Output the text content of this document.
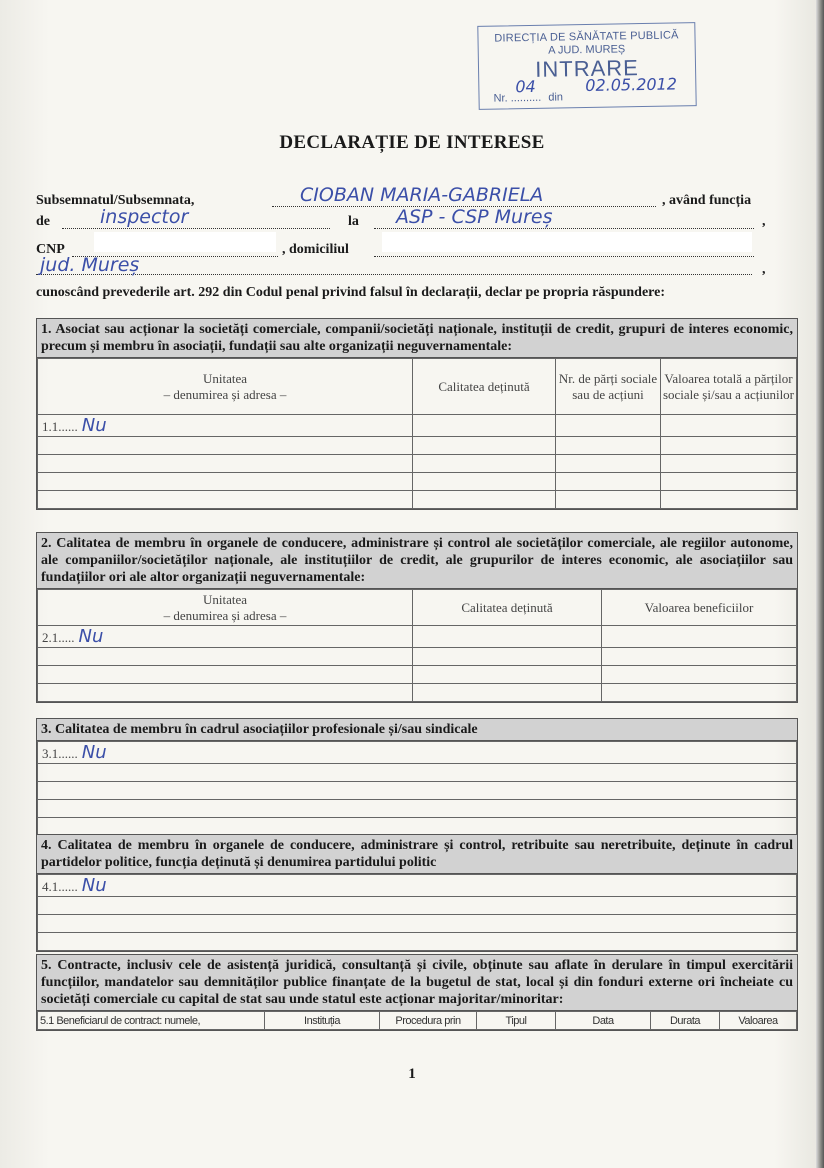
DIRECȚIA DE SĂNĂTATE PUBLICĂ
A JUD. MUREȘ
INTRARE
Nr. .......... din
04	02.05.2012
DECLARAȚIE DE INTERESE
Subsemnatul/Subsemnata,	CIOBAN MARIA-GABRIELA	, având funcția
de	inspector	la ASP - CSP Mureș	,
CNP	, domiciliul
jud. Mureș	,
cunoscând prevederile art. 292 din Codul penal privind falsul în declarații, declar pe propria răspundere:
1. Asociat sau acționar la societăți comerciale, companii/societăți naționale, instituții de credit, grupuri de interes economic, precum și membru în asociații, fundații sau alte organizații neguvernamentale:
Unitatea
– denumirea și adresa –	Calitatea deținută	Nr. de părți sociale sau de acțiuni	Valoarea totală a părților sociale și/sau a acțiunilor
1.1...... Nu			

2. Calitatea de membru în organele de conducere, administrare și control ale societăților comerciale, ale regiilor autonome, ale companiilor/societăților naționale, ale instituțiilor de credit, ale grupurilor de interes economic, ale asociațiilor sau fundațiilor ori ale altor organizații neguvernamentale:
Unitatea
– denumirea și adresa –	Calitatea deținută	Valoarea beneficiilor
2.1..... Nu		

3. Calitatea de membru în cadrul asociațiilor profesionale și/sau sindicale
3.1...... Nu

4. Calitatea de membru în organele de conducere, administrare și control, retribuite sau neretribuite, deținute în cadrul partidelor politice, funcția deținută și denumirea partidului politic
4.1...... Nu

5. Contracte, inclusiv cele de asistență juridică, consultanță și civile, obținute sau aflate în derulare în timpul exercitării funcțiilor, mandatelor sau demnităților publice finanțate de la bugetul de stat, local și din fonduri externe ori încheiate cu societăți comerciale cu capital de stat sau unde statul este acționar majoritar/minoritar:
5.1 Beneficiarul de contract: numele,	Instituția	Procedura prin	Tipul	Data	Durata	Valoarea
1
